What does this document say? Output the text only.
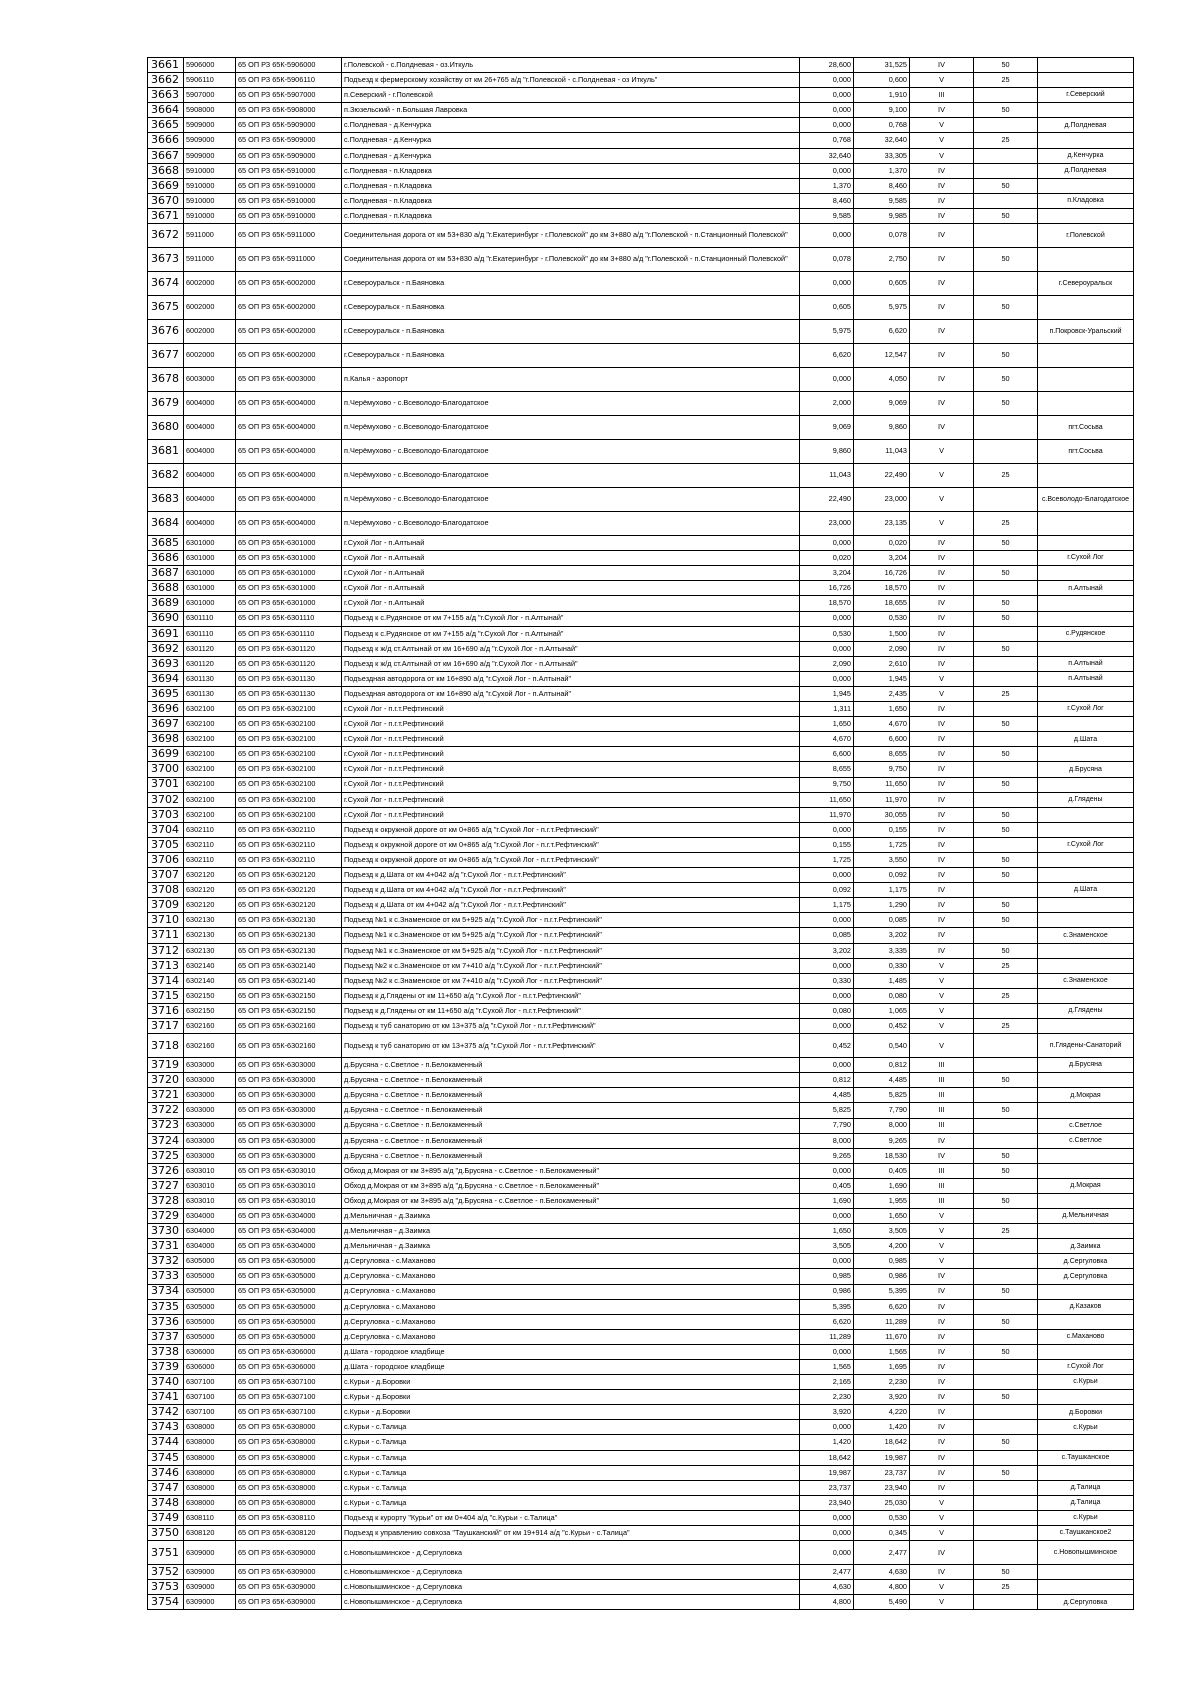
3661	5906000	65 ОП РЗ 65К-5906000	г.Полевской - с.Полдневая - оз.Иткуль	28,600	31,525	IV	50	
3662	5906110	65 ОП РЗ 65К-5906110	Подъезд к фермерскому хозяйству от км 26+765 а/д "г.Полевской - с.Полдневая - оз Иткуль"	0,000	0,600	V	25	
3663	5907000	65 ОП РЗ 65К-5907000	п.Северский - г.Полевской	0,000	1,910	III		г.Северский
3664	5908000	65 ОП РЗ 65К-5908000	п.Зюзельский - п.Большая Лавровка	0,000	9,100	IV	50	
3665	5909000	65 ОП РЗ 65К-5909000	с.Полдневая - д.Кенчурка	0,000	0,768	V		д.Полдневая
3666	5909000	65 ОП РЗ 65К-5909000	с.Полдневая - д.Кенчурка	0,768	32,640	V	25	
3667	5909000	65 ОП РЗ 65К-5909000	с.Полдневая - д.Кенчурка	32,640	33,305	V		д.Кенчурка
3668	5910000	65 ОП РЗ 65К-5910000	с.Полдневая - п.Кладовка	0,000	1,370	IV		д.Полдневая
3669	5910000	65 ОП РЗ 65К-5910000	с.Полдневая - п.Кладовка	1,370	8,460	IV	50	
3670	5910000	65 ОП РЗ 65К-5910000	с.Полдневая - п.Кладовка	8,460	9,585	IV		п.Кладовка
3671	5910000	65 ОП РЗ 65К-5910000	с.Полдневая - п.Кладовка	9,585	9,985	IV	50	
3672	5911000	65 ОП РЗ 65К-5911000	Соединительная дорога от км 53+830 а/д "г.Екатеринбург - г.Полевской" до км 3+880 а/д "г.Полевской - п.Станционный Полевской"	0,000	0,078	IV		г.Полевской
3673	5911000	65 ОП РЗ 65К-5911000	Соединительная дорога от км 53+830 а/д "г.Екатеринбург - г.Полевской" до км 3+880 а/д "г.Полевской - п.Станционный Полевской"	0,078	2,750	IV	50	
3674	6002000	65 ОП РЗ 65К-6002000	г.Североуральск - п.Баяновка	0,000	0,605	IV		г.Североуральск
3675	6002000	65 ОП РЗ 65К-6002000	г.Североуральск - п.Баяновка	0,605	5,975	IV	50	
3676	6002000	65 ОП РЗ 65К-6002000	г.Североуральск - п.Баяновка	5,975	6,620	IV		п.Покровск-Уральский
3677	6002000	65 ОП РЗ 65К-6002000	г.Североуральск - п.Баяновка	6,620	12,547	IV	50	
3678	6003000	65 ОП РЗ 65К-6003000	п.Калья - аэропорт	0,000	4,050	IV	50	
3679	6004000	65 ОП РЗ 65К-6004000	п.Черёмухово - с.Всеволодо-Благодатское	2,000	9,069	IV	50	
3680	6004000	65 ОП РЗ 65К-6004000	п.Черёмухово - с.Всеволодо-Благодатское	9,069	9,860	IV		пгт.Сосьва
3681	6004000	65 ОП РЗ 65К-6004000	п.Черёмухово - с.Всеволодо-Благодатское	9,860	11,043	V		пгт.Сосьва
3682	6004000	65 ОП РЗ 65К-6004000	п.Черёмухово - с.Всеволодо-Благодатское	11,043	22,490	V	25	
3683	6004000	65 ОП РЗ 65К-6004000	п.Черёмухово - с.Всеволодо-Благодатское	22,490	23,000	V		с.Всеволодо-Благодатское
3684	6004000	65 ОП РЗ 65К-6004000	п.Черёмухово - с.Всеволодо-Благодатское	23,000	23,135	V	25	
3685	6301000	65 ОП РЗ 65К-6301000	г.Сухой Лог - п.Алтынай	0,000	0,020	IV	50	
3686	6301000	65 ОП РЗ 65К-6301000	г.Сухой Лог - п.Алтынай	0,020	3,204	IV		г.Сухой Лог
3687	6301000	65 ОП РЗ 65К-6301000	г.Сухой Лог - п.Алтынай	3,204	16,726	IV	50	
3688	6301000	65 ОП РЗ 65К-6301000	г.Сухой Лог - п.Алтынай	16,726	18,570	IV		п.Алтынай
3689	6301000	65 ОП РЗ 65К-6301000	г.Сухой Лог - п.Алтынай	18,570	18,655	IV	50	
3690	6301110	65 ОП РЗ 65К-6301110	Подъезд к с.Рудянское от км 7+155 а/д "г.Сухой Лог - п.Алтынай"	0,000	0,530	IV	50	
3691	6301110	65 ОП РЗ 65К-6301110	Подъезд к с.Рудянское от км 7+155 а/д "г.Сухой Лог - п.Алтынай"	0,530	1,500	IV		с.Рудянское
3692	6301120	65 ОП РЗ 65К-6301120	Подъезд к ж/д ст.Алтынай от км 16+690 а/д "г.Сухой Лог - п.Алтынай"	0,000	2,090	IV	50	
3693	6301120	65 ОП РЗ 65К-6301120	Подъезд к ж/д ст.Алтынай от км 16+690 а/д "г.Сухой Лог - п.Алтынай"	2,090	2,610	IV		п.Алтынай
3694	6301130	65 ОП РЗ 65К-6301130	Подъездная автодорога от км 16+890 а/д "г.Сухой Лог - п.Алтынай"	0,000	1,945	V		п.Алтынай
3695	6301130	65 ОП РЗ 65К-6301130	Подъездная автодорога от км 16+890 а/д "г.Сухой Лог - п.Алтынай"	1,945	2,435	V	25	
3696	6302100	65 ОП РЗ 65К-6302100	г.Сухой Лог - п.г.т.Рефтинский	1,311	1,650	IV		г.Сухой Лог
3697	6302100	65 ОП РЗ 65К-6302100	г.Сухой Лог - п.г.т.Рефтинский	1,650	4,670	IV	50	
3698	6302100	65 ОП РЗ 65К-6302100	г.Сухой Лог - п.г.т.Рефтинский	4,670	6,600	IV		д.Шата
3699	6302100	65 ОП РЗ 65К-6302100	г.Сухой Лог - п.г.т.Рефтинский	6,600	8,655	IV	50	
3700	6302100	65 ОП РЗ 65К-6302100	г.Сухой Лог - п.г.т.Рефтинский	8,655	9,750	IV		д.Брусяна
3701	6302100	65 ОП РЗ 65К-6302100	г.Сухой Лог - п.г.т.Рефтинский	9,750	11,650	IV	50	
3702	6302100	65 ОП РЗ 65К-6302100	г.Сухой Лог - п.г.т.Рефтинский	11,650	11,970	IV		д.Глядены
3703	6302100	65 ОП РЗ 65К-6302100	г.Сухой Лог - п.г.т.Рефтинский	11,970	30,055	IV	50	
3704	6302110	65 ОП РЗ 65К-6302110	Подъезд к окружной дороге от км 0+865 а/д "г.Сухой Лог - п.г.т.Рефтинский"	0,000	0,155	IV	50	
3705	6302110	65 ОП РЗ 65К-6302110	Подъезд к окружной дороге от км 0+865 а/д "г.Сухой Лог - п.г.т.Рефтинский"	0,155	1,725	IV		г.Сухой Лог
3706	6302110	65 ОП РЗ 65К-6302110	Подъезд к окружной дороге от км 0+865 а/д "г.Сухой Лог - п.г.т.Рефтинский"	1,725	3,550	IV	50	
3707	6302120	65 ОП РЗ 65К-6302120	Подъезд к д.Шата от км 4+042 а/д "г.Сухой Лог - п.г.т.Рефтинский"	0,000	0,092	IV	50	
3708	6302120	65 ОП РЗ 65К-6302120	Подъезд к д.Шата от км 4+042 а/д "г.Сухой Лог - п.г.т.Рефтинский"	0,092	1,175	IV		д.Шата
3709	6302120	65 ОП РЗ 65К-6302120	Подъезд к д.Шата от км 4+042 а/д "г.Сухой Лог - п.г.т.Рефтинский"	1,175	1,290	IV	50	
3710	6302130	65 ОП РЗ 65К-6302130	Подъезд №1 к с.Знаменское от км 5+925 а/д "г.Сухой Лог - п.г.т.Рефтинский"	0,000	0,085	IV	50	
3711	6302130	65 ОП РЗ 65К-6302130	Подъезд №1 к с.Знаменское от км 5+925 а/д "г.Сухой Лог - п.г.т.Рефтинский"	0,085	3,202	IV		с.Знаменское
3712	6302130	65 ОП РЗ 65К-6302130	Подъезд №1 к с.Знаменское от км 5+925 а/д "г.Сухой Лог - п.г.т.Рефтинский"	3,202	3,335	IV	50	
3713	6302140	65 ОП РЗ 65К-6302140	Подъезд №2 к с.Знаменское от км 7+410 а/д "г.Сухой Лог - п.г.т.Рефтинский"	0,000	0,330	V	25	
3714	6302140	65 ОП РЗ 65К-6302140	Подъезд №2 к с.Знаменское от км 7+410 а/д "г.Сухой Лог - п.г.т.Рефтинский"	0,330	1,485	V		с.Знаменское
3715	6302150	65 ОП РЗ 65К-6302150	Подъезд к д.Глядены от км 11+650 а/д "г.Сухой Лог - п.г.т.Рефтинский"	0,000	0,080	V	25	
3716	6302150	65 ОП РЗ 65К-6302150	Подъезд к д.Глядены от км 11+650 а/д "г.Сухой Лог - п.г.т.Рефтинский"	0,080	1,065	V		д.Глядены
3717	6302160	65 ОП РЗ 65К-6302160	Подъезд к туб санаторию от км 13+375 а/д "г.Сухой Лог - п.г.т.Рефтинский"	0,000	0,452	V	25	
3718	6302160	65 ОП РЗ 65К-6302160	Подъезд к туб санаторию от км 13+375 а/д "г.Сухой Лог - п.г.т.Рефтинский"	0,452	0,540	V		п.Глядены-Санаторий
3719	6303000	65 ОП РЗ 65К-6303000	д.Брусяна - с.Светлое - п.Белокаменный	0,000	0,812	III		д.Брусяна
3720	6303000	65 ОП РЗ 65К-6303000	д.Брусяна - с.Светлое - п.Белокаменный	0,812	4,485	III	50	
3721	6303000	65 ОП РЗ 65К-6303000	д.Брусяна - с.Светлое - п.Белокаменный	4,485	5,825	III		д.Мокрая
3722	6303000	65 ОП РЗ 65К-6303000	д.Брусяна - с.Светлое - п.Белокаменный	5,825	7,790	III	50	
3723	6303000	65 ОП РЗ 65К-6303000	д.Брусяна - с.Светлое - п.Белокаменный	7,790	8,000	III		с.Светлое
3724	6303000	65 ОП РЗ 65К-6303000	д.Брусяна - с.Светлое - п.Белокаменный	8,000	9,265	IV		с.Светлое
3725	6303000	65 ОП РЗ 65К-6303000	д.Брусяна - с.Светлое - п.Белокаменный	9,265	18,530	IV	50	
3726	6303010	65 ОП РЗ 65К-6303010	Обход д.Мокрая от км 3+895 а/д "д.Брусяна - с.Светлое - п.Белокаменный"	0,000	0,405	III	50	
3727	6303010	65 ОП РЗ 65К-6303010	Обход д.Мокрая от км 3+895 а/д "д.Брусяна - с.Светлое - п.Белокаменный"	0,405	1,690	III		д.Мокрая
3728	6303010	65 ОП РЗ 65К-6303010	Обход д.Мокрая от км 3+895 а/д "д.Брусяна - с.Светлое - п.Белокаменный"	1,690	1,955	III	50	
3729	6304000	65 ОП РЗ 65К-6304000	д.Мельничная - д.Заимка	0,000	1,650	V		д.Мельничная
3730	6304000	65 ОП РЗ 65К-6304000	д.Мельничная - д.Заимка	1,650	3,505	V	25	
3731	6304000	65 ОП РЗ 65К-6304000	д.Мельничная - д.Заимка	3,505	4,200	V		д.Заимка
3732	6305000	65 ОП РЗ 65К-6305000	д.Сергуловка - с.Маханово	0,000	0,985	V		д.Сергуловка
3733	6305000	65 ОП РЗ 65К-6305000	д.Сергуловка - с.Маханово	0,985	0,986	IV		д.Сергуловка
3734	6305000	65 ОП РЗ 65К-6305000	д.Сергуловка - с.Маханово	0,986	5,395	IV	50	
3735	6305000	65 ОП РЗ 65К-6305000	д.Сергуловка - с.Маханово	5,395	6,620	IV		д.Казаков
3736	6305000	65 ОП РЗ 65К-6305000	д.Сергуловка - с.Маханово	6,620	11,289	IV	50	
3737	6305000	65 ОП РЗ 65К-6305000	д.Сергуловка - с.Маханово	11,289	11,670	IV		с.Маханово
3738	6306000	65 ОП РЗ 65К-6306000	д.Шата - городское кладбище	0,000	1,565	IV	50	
3739	6306000	65 ОП РЗ 65К-6306000	д.Шата - городское кладбище	1,565	1,695	IV		г.Сухой Лог
3740	6307100	65 ОП РЗ 65К-6307100	с.Курьи - д.Боровки	2,165	2,230	IV		с.Курьи
3741	6307100	65 ОП РЗ 65К-6307100	с.Курьи - д.Боровки	2,230	3,920	IV	50	
3742	6307100	65 ОП РЗ 65К-6307100	с.Курьи - д.Боровки	3,920	4,220	IV		д.Боровки
3743	6308000	65 ОП РЗ 65К-6308000	с.Курьи - с.Талица	0,000	1,420	IV		с.Курьи
3744	6308000	65 ОП РЗ 65К-6308000	с.Курьи - с.Талица	1,420	18,642	IV	50	
3745	6308000	65 ОП РЗ 65К-6308000	с.Курьи - с.Талица	18,642	19,987	IV		с.Таушканское
3746	6308000	65 ОП РЗ 65К-6308000	с.Курьи - с.Талица	19,987	23,737	IV	50	
3747	6308000	65 ОП РЗ 65К-6308000	с.Курьи - с.Талица	23,737	23,940	IV		д.Талица
3748	6308000	65 ОП РЗ 65К-6308000	с.Курьи - с.Талица	23,940	25,030	V		д.Талица
3749	6308110	65 ОП РЗ 65К-6308110	Подъезд к курорту "Курьи" от км 0+404 а/д "с.Курьи - с.Талица"	0,000	0,530	V		с.Курьи
3750	6308120	65 ОП РЗ 65К-6308120	Подъезд к управлению совхоза "Таушканский" от км 19+914 а/д "с.Курьи - с.Талица"	0,000	0,345	V		с.Таушканское2
3751	6309000	65 ОП РЗ 65К-6309000	с.Новопышминское - д.Сергуловка	0,000	2,477	IV		с.Новопышминское
3752	6309000	65 ОП РЗ 65К-6309000	с.Новопышминское - д.Сергуловка	2,477	4,630	IV	50	
3753	6309000	65 ОП РЗ 65К-6309000	с.Новопышминское - д.Сергуловка	4,630	4,800	V	25	
3754	6309000	65 ОП РЗ 65К-6309000	с.Новопышминское - д.Сергуловка	4,800	5,490	V		д.Сергуловка
